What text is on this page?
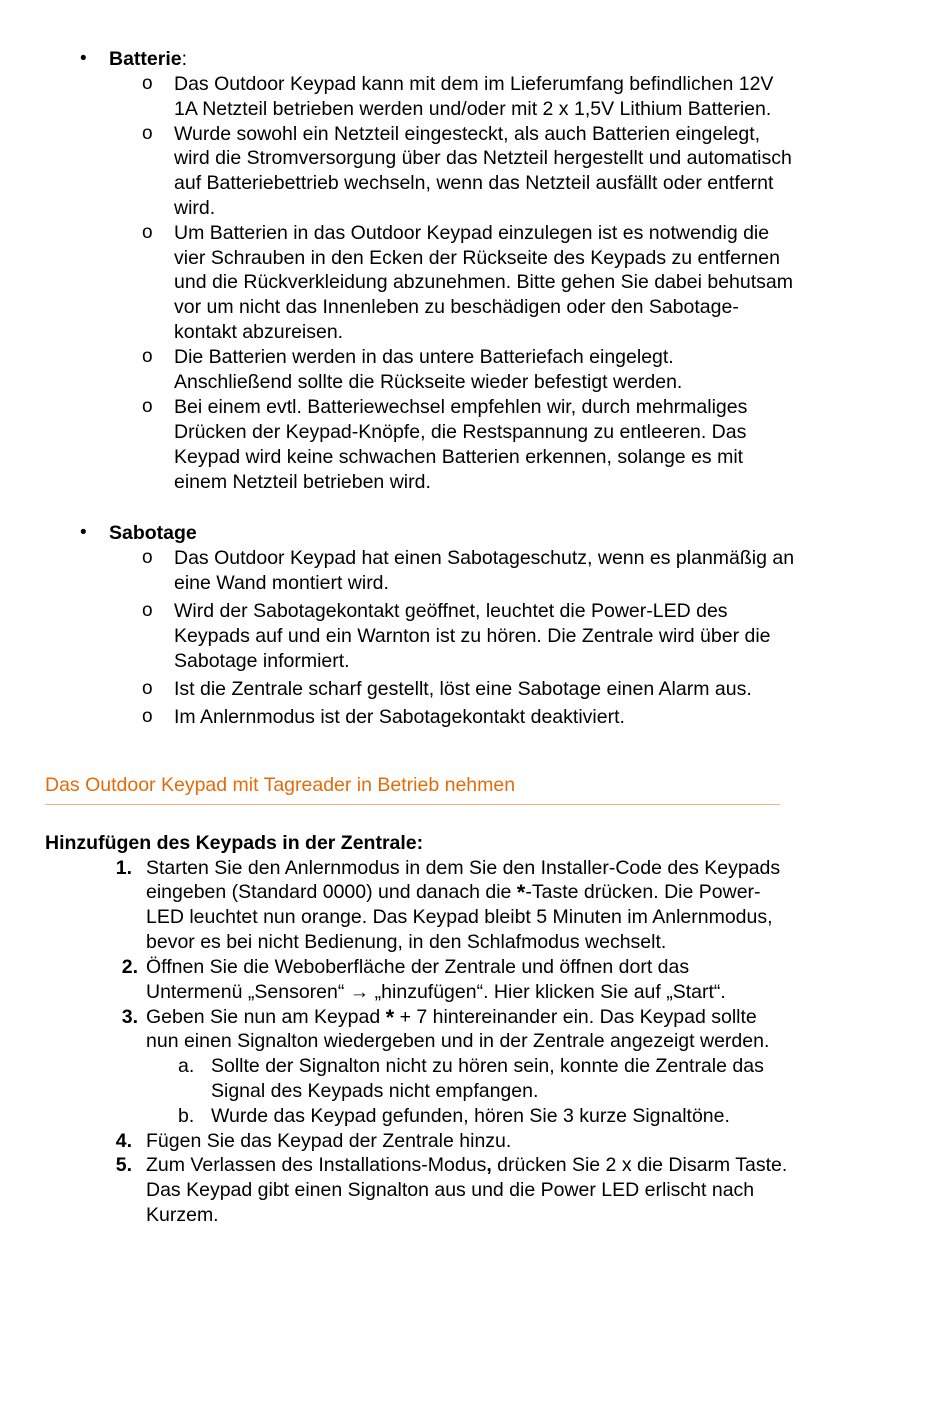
• Batterie:
o Das Outdoor Keypad kann mit dem im Lieferumfang befindlichen 12V
1A Netzteil betrieben werden und/oder mit 2 x 1,5V Lithium Batterien.
o Wurde sowohl ein Netzteil eingesteckt, als auch Batterien eingelegt,
wird die Stromversorgung über das Netzteil hergestellt und automatisch
auf Batteriebettrieb wechseln, wenn das Netzteil ausfällt oder entfernt
wird.
o Um Batterien in das Outdoor Keypad einzulegen ist es notwendig die
vier Schrauben in den Ecken der Rückseite des Keypads zu entfernen
und die Rückverkleidung abzunehmen. Bitte gehen Sie dabei behutsam
vor um nicht das Innenleben zu beschädigen oder den Sabotage-
kontakt abzureisen.
o Die Batterien werden in das untere Batteriefach eingelegt.
Anschließend sollte die Rückseite wieder befestigt werden.
o Bei einem evtl. Batteriewechsel empfehlen wir, durch mehrmaliges
Drücken der Keypad-Knöpfe, die Restspannung zu entleeren. Das
Keypad wird keine schwachen Batterien erkennen, solange es mit
einem Netzteil betrieben wird.
• Sabotage
o Das Outdoor Keypad hat einen Sabotageschutz, wenn es planmäßig an
eine Wand montiert wird.
o Wird der Sabotagekontakt geöffnet, leuchtet die Power-LED des
Keypads auf und ein Warnton ist zu hören. Die Zentrale wird über die
Sabotage informiert.
o Ist die Zentrale scharf gestellt, löst eine Sabotage einen Alarm aus.
o Im Anlernmodus ist der Sabotagekontakt deaktiviert.
Das Outdoor Keypad mit Tagreader in Betrieb nehmen
Hinzufügen des Keypads in der Zentrale:
1. Starten Sie den Anlernmodus in dem Sie den Installer-Code des Keypads
eingeben (Standard 0000) und danach die *-Taste drücken. Die Power-
LED leuchtet nun orange. Das Keypad bleibt 5 Minuten im Anlernmodus,
bevor es bei nicht Bedienung, in den Schlafmodus wechselt.
2. Öffnen Sie die Weboberfläche der Zentrale und öffnen dort das
Untermenü „Sensoren“ → „hinzufügen“. Hier klicken Sie auf „Start“.
3. Geben Sie nun am Keypad * + 7 hintereinander ein. Das Keypad sollte
nun einen Signalton wiedergeben und in der Zentrale angezeigt werden.
a. Sollte der Signalton nicht zu hören sein, konnte die Zentrale das
Signal des Keypads nicht empfangen.
b. Wurde das Keypad gefunden, hören Sie 3 kurze Signaltöne.
4. Fügen Sie das Keypad der Zentrale hinzu.
5. Zum Verlassen des Installations-Modus, drücken Sie 2 x die Disarm Taste.
Das Keypad gibt einen Signalton aus und die Power LED erlischt nach
Kurzem.
